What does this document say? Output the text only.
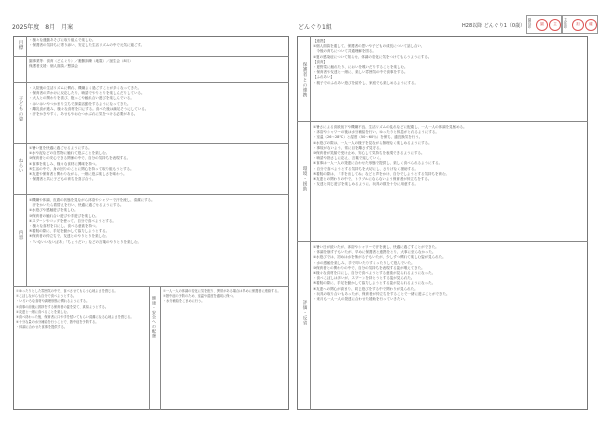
2025年度　8月　月案	どんぐり1組	H28以降 どんぐり1（0歳） 園長印	園	主	主任印	担	確
目標 ・様々な運動あそびに取り組んで楽しむ。
・保護者の気持ちに寄り添い、安定した生活リズムの中で元気に過ごす。
園事業等：食育（どんぐり）／避難訓練（地震）／誕生会（8月）
保護者支援：個人面談／懇談会
子どもの姿
・入院後の生活リズムに慣れ、機嫌よく過ごすことが多くなってきた。
・保育者の声かけに反応したり、喃語でやりとりを楽しんだりしている。
・大人との関わりを喜び、抱っこや触れ合い遊びを楽しんでいる。
・はいはいやつかまり立ちで探索活動をするようになってきた。
・離乳食が進み、様々な食材を口にする。食べた後は満足そうにしている。
・汗をかきやすく、あせもやおむつかぶれに気をつける必要がある。
ねらい
①暑い夏を快適に過ごせるようにする。
②水や泥などの自然物に触れて遊ぶことを楽しむ。
③保育者との安心できる関係の中で、自分の気持ちを表現する。
④食事を楽しみ、様々な食材に興味を持つ。
⑤生活の中で、身の回りのことに関心を持って取り組もうとする。
⑥友達や保育者と関わりながら、一緒に遊ぶ楽しさを味わう。
・保護者と共に子どもの育ちを喜び合う。
内容
①機嫌や体調、皮膚の状態を見ながら沐浴やシャワーで汗を流し、清潔にする。
　汗をかいたら着替えを行い、快適に過ごせるようにする。
②水遊びや感触遊びを楽しむ。
③保育者の触れ合い遊びや手遊びを楽しむ。
④スプーンやコップを使って、自分で食べようとする。
・様々な食材を口にし、食べる意欲を持つ。
⑤着脱の際に、手足を動かして協力しようとする。
⑥保育者の仲立ちで、友達とのやりとりを楽しむ。
・「いないいないばあ」「ちょうだい」などの言葉のやりとりを楽しむ。
①ゆったりとした雰囲気の中で、食べさせてもらう心地よさを感じる。
②こぼしながらも自分で食べようとする。
・いろいろな食材や調理形態に慣れるようにする。
③食事の前後に挨拶をする保育者の姿を見て、真似ようとする。
④友達と一緒に食べることを楽しむ。
⑤食べ終わった後、保育者に口や手を拭いてもらい清潔になる心地よさを感じる。
⑥十分な量の水分補給を行うことで、熱中症を予防する。
・体調に合わせた食事を提供する。	健康・安全への配慮
①一人一人の体調の変化に気を配り、異常がある場合は早めに保護者に連絡する。
②熱中症の予防のため、室温や湿度を適切に保つ。
・水分補給をこまめに行う。
保護者との連携
【連携】
①個人面談を通して、保護者の思いや子どもの成長について話し合い、
　今後の育ちについて共通理解を図る。
②夏の感染症について知らせ、体調の変化に気をつけてもらうようにする。
【食育】
・夏野菜に触れたり、においを嗅いだりすることを楽しむ。
・保育者や友達と一緒に、楽しい雰囲気の中で食事をする。
【ふれあい】
・親子でのふれあい遊びを紹介し、家庭でも楽しめるようにする。
環境・援助
①暑さによる食欲低下や機嫌不良、生活リズムの乱れなどに配慮し、一人一人の体調を見極める。
・沐浴やシャワーの後は水分補給を行い、ゆったりと休息がとれるようにする。
・室温（26～28℃）と湿度（50～60％）を保ち、適宜換気を行う。
②水遊びの際は、一人一人の様子を見ながら無理なく楽しめるようにする。
・事故がないよう、常に目を離さず見守る。
③保育者が笑顔で受け止め、安心して気持ちを表現できるようにする。
・喃語や指さしに応え、言葉で返していく。
④食事は一人一人の発達に合わせた形態で提供し、楽しく食べられるようにする。
・自分で食べようとする気持ちを大切にし、さりげなく援助する。
⑤着脱の際は、「手を出してね」などと声をかけ、自分でしようとする気持ちを育む。
⑥友達との関わりの中で、トラブルにならないよう保育者が仲立ちをする。
・友達と同じ遊びを楽しめるように、玩具の数を十分に用意する。
評価・反省
①暑い日が続いたが、沐浴やシャワーで汗を流し、快適に過ごすことができた。
・体調を崩す子もいたが、早めに保護者と連携をとり、大事に至らなかった。
②水遊びでは、初めは水を怖がる子もいたが、少しずつ慣れて楽しむ姿が見られた。
・水の感触を楽しみ、手で叩いたりすくったりして遊んでいた。
③保育者との関わりの中で、自分の気持ちを表現する姿が増えてきた。
④様々な食材を口にし、自分で食べようとする意欲が見られるようになった。
・食べこぼしは多いが、スプーンを持とうとする姿が見られた。
⑤着脱の際に、手足を動かして協力しようとする姿が見られるようになった。
⑥友達への関心が高まり、同じ遊びをする中で関わりが見られた。
・玩具の取り合いもあったが、保育者が仲立ちをすることで一緒に遊ぶことができた。
・来月も一人一人の発達に合わせた援助を行っていきたい。
